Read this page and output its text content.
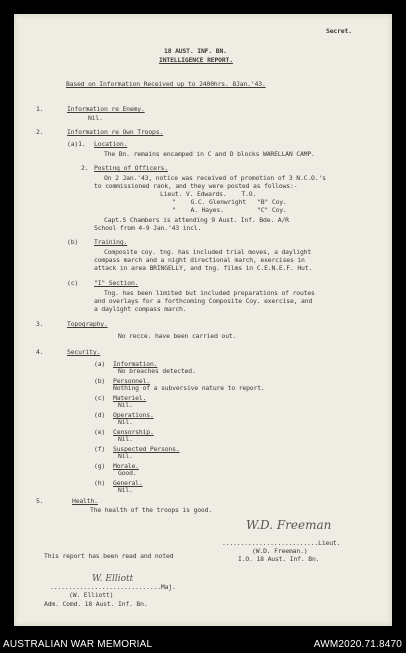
Secret.
18 AUST. INF. BN.
INTELLIGENCE REPORT.
Based on Information Received up to 2400hrs. 8Jan.'43.
1.	Information re Enemy.
Nil.
2.	Information re Own Troops.
(a)1. Location.
The Bn. remains encamped in C and D blocks WARELLAN CAMP.
2. Posting of Officers.
On 2 Jan.'43, notice was received of promotion of 3 N.C.O.'s
to commissioned rank, and they were posted as follows:-
Lieut. V. Edwards.    T.O.
"    G.C. Glenwright   "B" Coy.
"    A. Hayes.         "C" Coy.
Capt.S Chambers is attending 9 Aust. Inf. Bde. A/R
School from 4-9 Jan.'43 incl.
(b) Training.
Composite coy. tng. has included trial moves, a daylight
compass march and a night directional march, exercises in
attack in area BRINGELLY, and tng. films in C.E.N.E.F. Hut.
(c) "I" Section.
Tng. has been limited but included preparations of routes
and overlays for a forthcoming Composite Coy. exercise, and
a daylight compass march.
3.	Topography.
No recce. have been carried out.
4.	Security.
(a) Information.
No breaches detected.
(b) Personnel.
Nothing of a subversive nature to report.
(c) Materiel.
Nil.
(d) Operations.
Nil.
(e) Censorship.
Nil.
(f) Suspected Persons.
Nil.
(g) Morale.
Good.
(h) General.
Nil.
5.	Health.
The health of the troops is good.
W.D. Freeman
..........................Lieut.
(W.D. Freeman.)
I.O. 18 Aust. Inf. Bn.
This report has been read and noted
W. Elliott
..............................Maj.
(W. Elliott)
Adm. Comd. 18 Aust. Inf. Bn.
AUSTRALIAN WAR MEMORIAL	AWM2020.71.8470
